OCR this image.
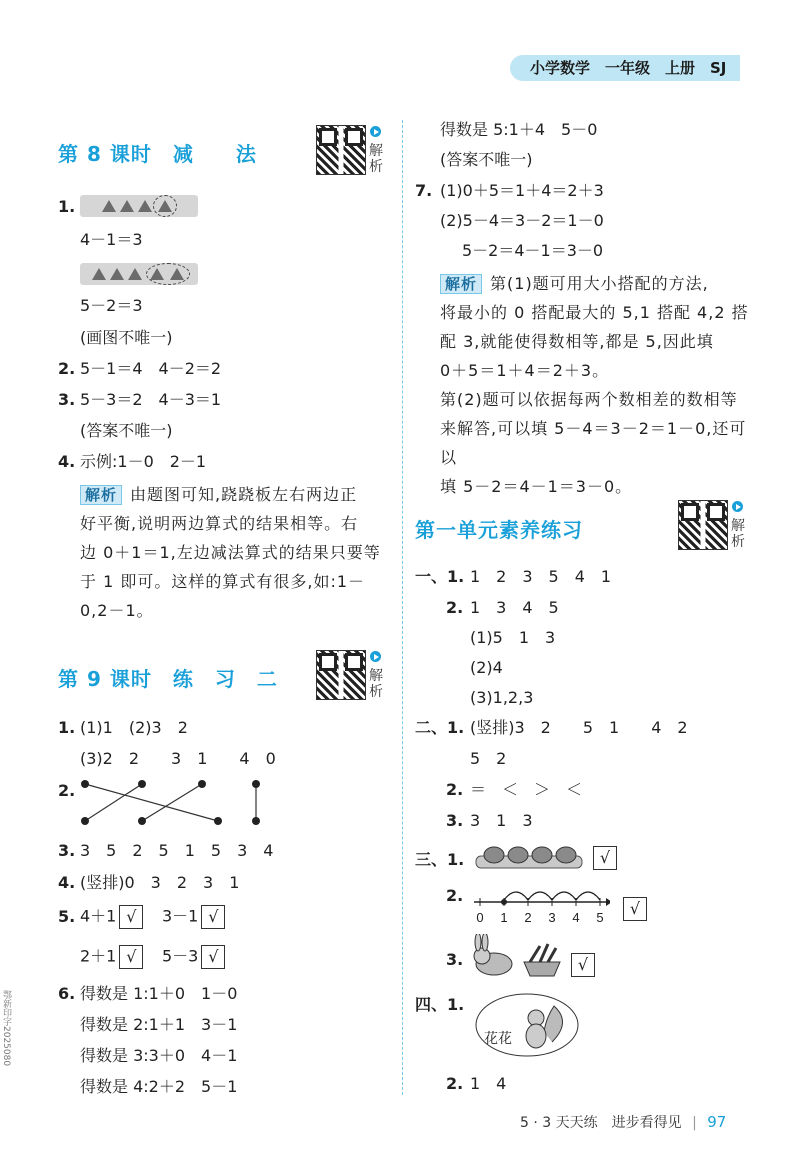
小学数学　一年级　上册　SJ
第 8 课时　减　　法	解析
1.
4－1＝3
5－2＝3
(画图不唯一)
2. 5－1＝4　4－2＝2
3. 5－3＝2　4－3＝1
(答案不唯一)
4. 示例:1－0　2－1
解析 由题图可知,跷跷板左右两边正
好平衡,说明两边算式的结果相等。右
边 0＋1＝1,左边减法算式的结果只要等
于 1 即可。这样的算式有很多,如:1－
0,2－1。
第 9 课时　练　习　二	解析
1. (1)1　(2)3　2
(3)2　2　　3　1　　4　0
2.
3. 3　5　2　5　1　5　3　4
4. (竖排)0　3　2　3　1
5. 4＋1 √	3－1 √
2＋1 √	5－3 √
6. 得数是 1:1＋0　1－0
得数是 2:1＋1　3－1
得数是 3:3＋0　4－1
得数是 4:2＋2　5－1
得数是 5:1＋4　5－0
(答案不唯一)
7. (1)0＋5＝1＋4＝2＋3
(2)5－4＝3－2＝1－0
5－2＝4－1＝3－0
解析 第(1)题可用大小搭配的方法,
将最小的 0 搭配最大的 5,1 搭配 4,2 搭
配 3,就能使得数相等,都是 5,因此填
0＋5＝1＋4＝2＋3。
第(2)题可以依据每两个数相差的数相等
来解答,可以填 5－4＝3－2＝1－0,还可以
填 5－2＝4－1＝3－0。
第一单元素养练习	解析
一、1. 1　2　3　5　4　1
2. 1　3　4　5
(1)5　1　3
(2)4
(3)1,2,3
二、1. (竖排)3　2　　5　1　　4　2
5　2
2. ＝　＜　＞　＜
3. 3　1　3
三、1.	√
2.
0 1 2 3 4 5	√
3.	√
四、1.
花花
2. 1　4
5 · 3 天天练　进步看得见 | 97
鄂新印字2025080
